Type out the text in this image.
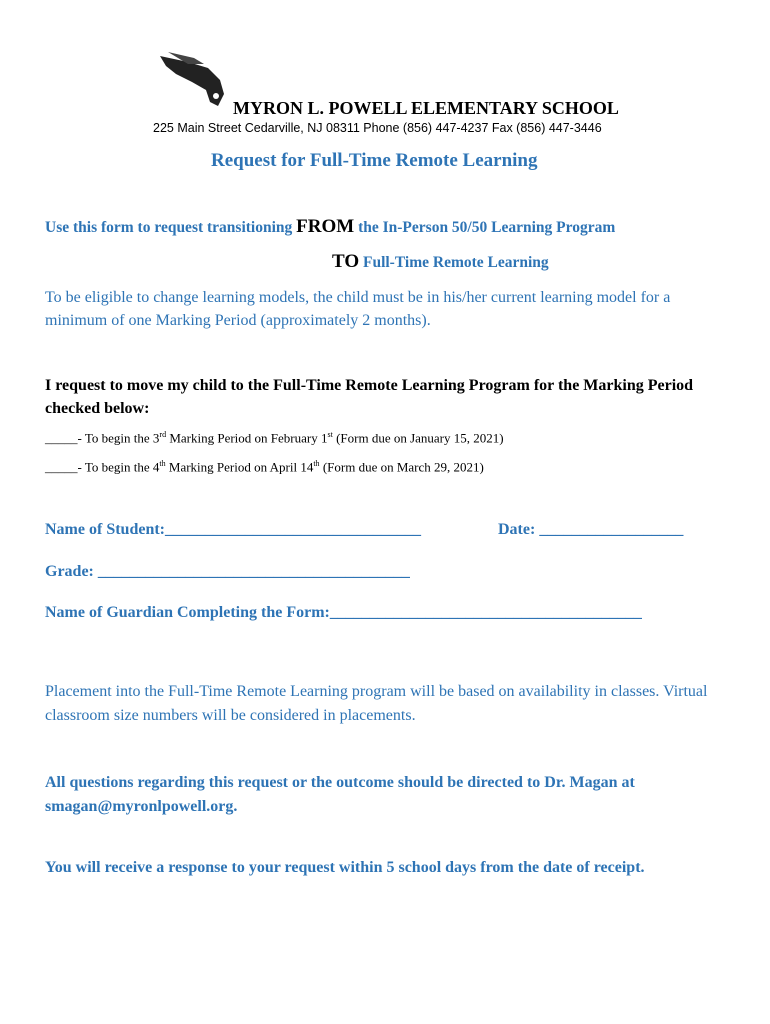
MYRON L. POWELL ELEMENTARY SCHOOL
225 Main Street Cedarville, NJ 08311 Phone (856) 447-4237 Fax (856) 447-3446
Request for Full-Time Remote Learning
Use this form to request transitioning FROM the In-Person 50/50 Learning Program
TO Full-Time Remote Learning
To be eligible to change learning models, the child must be in his/her current learning model for a minimum of one Marking Period (approximately 2 months).
I request to move my child to the Full-Time Remote Learning Program for the Marking Period checked below:
_____- To begin the 3rd Marking Period on February 1st (Form due on January 15, 2021)
_____- To begin the 4th Marking Period on April 14th (Form due on March 29, 2021)
Name of Student:________________________________	Date: __________________
Grade: _______________________________________
Name of Guardian Completing the Form:_______________________________________
Placement into the Full-Time Remote Learning program will be based on availability in classes. Virtual classroom size numbers will be considered in placements.
All questions regarding this request or the outcome should be directed to Dr. Magan at smagan@myronlpowell.org.
You will receive a response to your request within 5 school days from the date of receipt.
